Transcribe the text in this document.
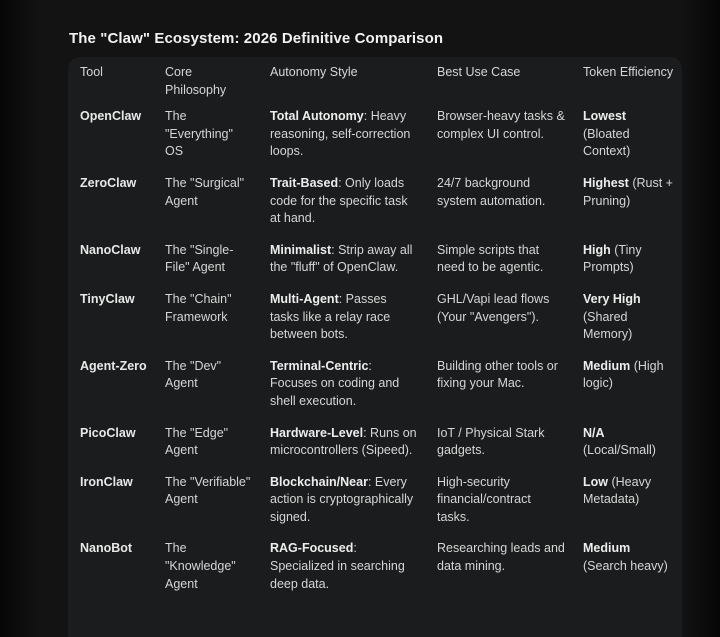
The "Claw" Ecosystem: 2026 Definitive Comparison
Tool	Core Philosophy	Autonomy Style	Best Use Case	Token Efficiency
OpenClaw	The "Everything" OS	Total Autonomy: Heavy reasoning, self-correction loops.	Browser-heavy tasks & complex UI control.	Lowest (Bloated Context)
ZeroClaw	The "Surgical" Agent	Trait-Based: Only loads code for the specific task at hand.	24/7 background system automation.	Highest (Rust + Pruning)
NanoClaw	The "Single-File" Agent	Minimalist: Strip away all the "fluff" of OpenClaw.	Simple scripts that need to be agentic.	High (Tiny Prompts)
TinyClaw	The "Chain" Framework	Multi-Agent: Passes tasks like a relay race between bots.	GHL/Vapi lead flows (Your "Avengers").	Very High (Shared Memory)
Agent-Zero	The "Dev" Agent	Terminal-Centric: Focuses on coding and shell execution.	Building other tools or fixing your Mac.	Medium (High logic)
PicoClaw	The "Edge" Agent	Hardware-Level: Runs on microcontrollers (Sipeed).	IoT / Physical Stark gadgets.	N/A (Local/Small)
IronClaw	The "Verifiable" Agent	Blockchain/Near: Every action is cryptographically signed.	High-security financial/contract tasks.	Low (Heavy Metadata)
NanoBot	The "Knowledge" Agent	RAG-Focused: Specialized in searching deep data.	Researching leads and data mining.	Medium (Search heavy)
